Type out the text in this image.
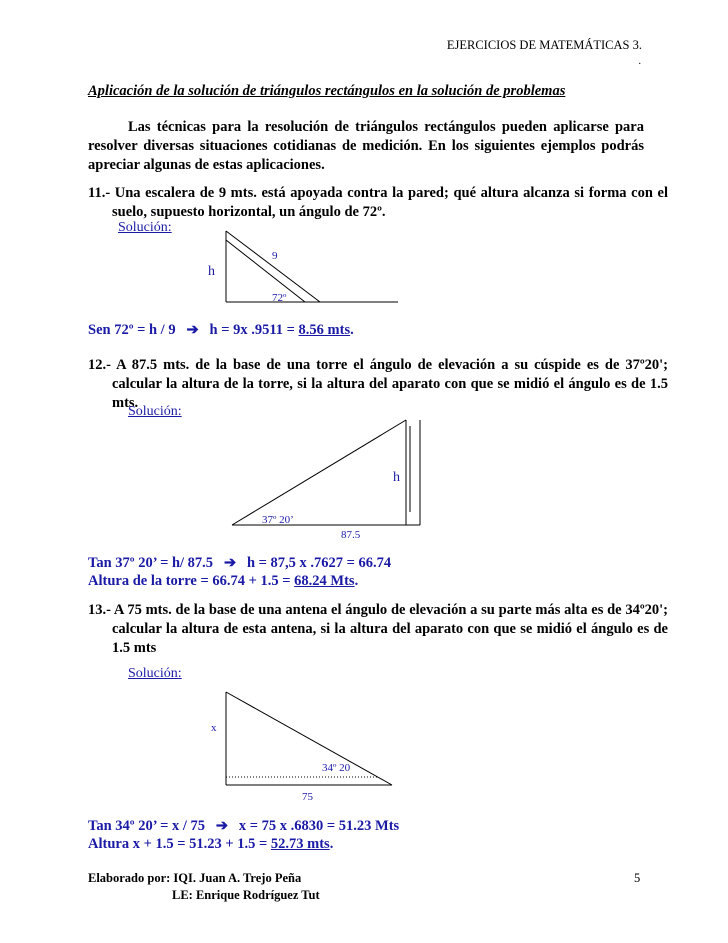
EJERCICIOS DE MATEMÁTICAS 3.
.
Aplicación de la solución de triángulos rectángulos en la solución de problemas
Las técnicas para la resolución de triángulos rectángulos pueden aplicarse para resolver diversas situaciones cotidianas de medición. En los siguientes ejemplos podrás apreciar algunas de estas aplicaciones.
11.- Una escalera de 9 mts. está apoyada contra la pared; qué altura alcanza si forma con el suelo, supuesto horizontal, un ángulo de 72º.
Solución:
9
h
72º
Sen 72º = h / 9 ➔ h = 9x .9511 = 8.56 mts.
12.- A 87.5 mts. de la base de una torre el ángulo de elevación a su cúspide es de 37º20'; calcular la altura de la torre, si la altura del aparato con que se midió el ángulo es de 1.5 mts.
Solución:
h
37º 20’
87.5
Tan 37º 20’ = h/ 87.5 ➔ h = 87,5 x .7627 = 66.74
Altura de la torre = 66.74 + 1.5 = 68.24 Mts.
13.- A 75 mts. de la base de una antena el ángulo de elevación a su parte más alta es de 34º20'; calcular la altura de esta antena, si la altura del aparato con que se midió el ángulo es de 1.5 mts
Solución:
x
34º 20
75
Tan 34º 20’ = x / 75 ➔ x = 75 x .6830 = 51.23 Mts
Altura x + 1.5 = 51.23 + 1.5 = 52.73 mts.
Elaborado por: IQI. Juan A. Trejo Peña
LE: Enrique Rodríguez Tut
5
